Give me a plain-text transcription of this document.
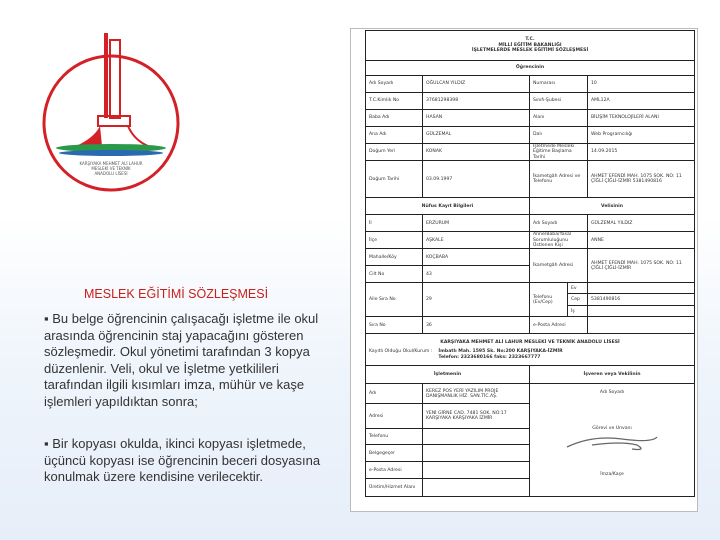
KARŞIYAKA MEHMET ALİ LAHUR
MESLEKİ VE TEKNİK
ANADOLU LİSESİ
MESLEK EĞİTİMİ SÖZLEŞMESİ
▪ Bu belge öğrencinin çalışacağı işletme ile okul arasında öğrencinin staj yapacağını gösteren sözleşmedir. Okul yönetimi tarafından 3 kopya düzenlenir. Veli, okul ve İşletme yetkilileri tarafından ilgili kısımları imza, mühür ve kaşe işlemleri yapıldıktan sonra;
▪ Bir kopyası okulda, ikinci kopyası işletmede, üçüncü kopyası ise öğrencinin beceri dosyasına konulmak üzere kendisine verilecektir.
T.C.
MİLLİ EĞİTİM BAKANLIĞI
İŞLETMELERDE MESLEK EĞİTİMİ SÖZLEŞMESİ				

Öğrencinin				
Adı Soyadı	OĞULCAN YILDIZ	Numarası		10
T.C.Kimlik No	37681298398	Sınıfı-Şubesi		AML12A
Baba Adı	HASAN	Alanı		BİLİŞİM TEKNOLOJİLERİ ALANI
Ana Adı	GÜLZEMAL	Dalı		Web Programcılığı
Doğum Yeri	KONAK	İşletmede Mesleki Eğitime Başlama Tarihi		14.09.2015
Doğum Tarihi	03.09.1997	İkametgâh Adresi ve Telefonu		AHMET EFENDİ MAH. 1075 SOK. NO: 11 ÇİĞLİ ÇİĞLİ-İZMİR 5381490816
Nüfus Kayıt Bilgileri		Velisinin		
İl	ERZURUM	Adı Soyadı		GÜLZEMAL YILDIZ
İlçe	AŞKALE	Anne/Baba/Yasal Sorumluluğunu Üstlenen Kişi		ANNE
Mahalle/Köy	KOÇBABA	İkametgâh Adresi		AHMET EFENDİ MAH. 1075 SOK. NO: 11 ÇİĞLİ ÇİĞLİ-İZMİR
Cilt No	43			
Aile Sıra No	29	Telefonu (Ev/Cep)	Ev	
			Cep	5381490816
			İş	
Sıra No	36	e-Posta Adresi		

KARŞIYAKA MEHMET ALİ LAHUR MESLEKİ VE TEKNİK ANADOLU LİSESİ
Kayıtlı Olduğu Okul/Kurum : İmbatlı Mah. 1595 Sk. No:200 KARŞIYAKA-İZMİR
Telefon: 2323680166 faks: 2323667777				

İşletmenin		İşveren veya Vekilinin		
Adı	KEREZ POS YERİ YAZILIM PROJE DANIŞMANLIK HİZ. SAN.TİC.AŞ.	Adı Soyadı
Görevi ve Unvanı
İmza/Kaşe		

Adresi	YENİ GİRNE CAD. 7481 SOK. NO:17 KARŞIYAKA KARŞIYAKA İZMİR			
Telefonu				
Belgegeçer				
e-Posta Adresi				
Üretim/Hizmet Alanı				
